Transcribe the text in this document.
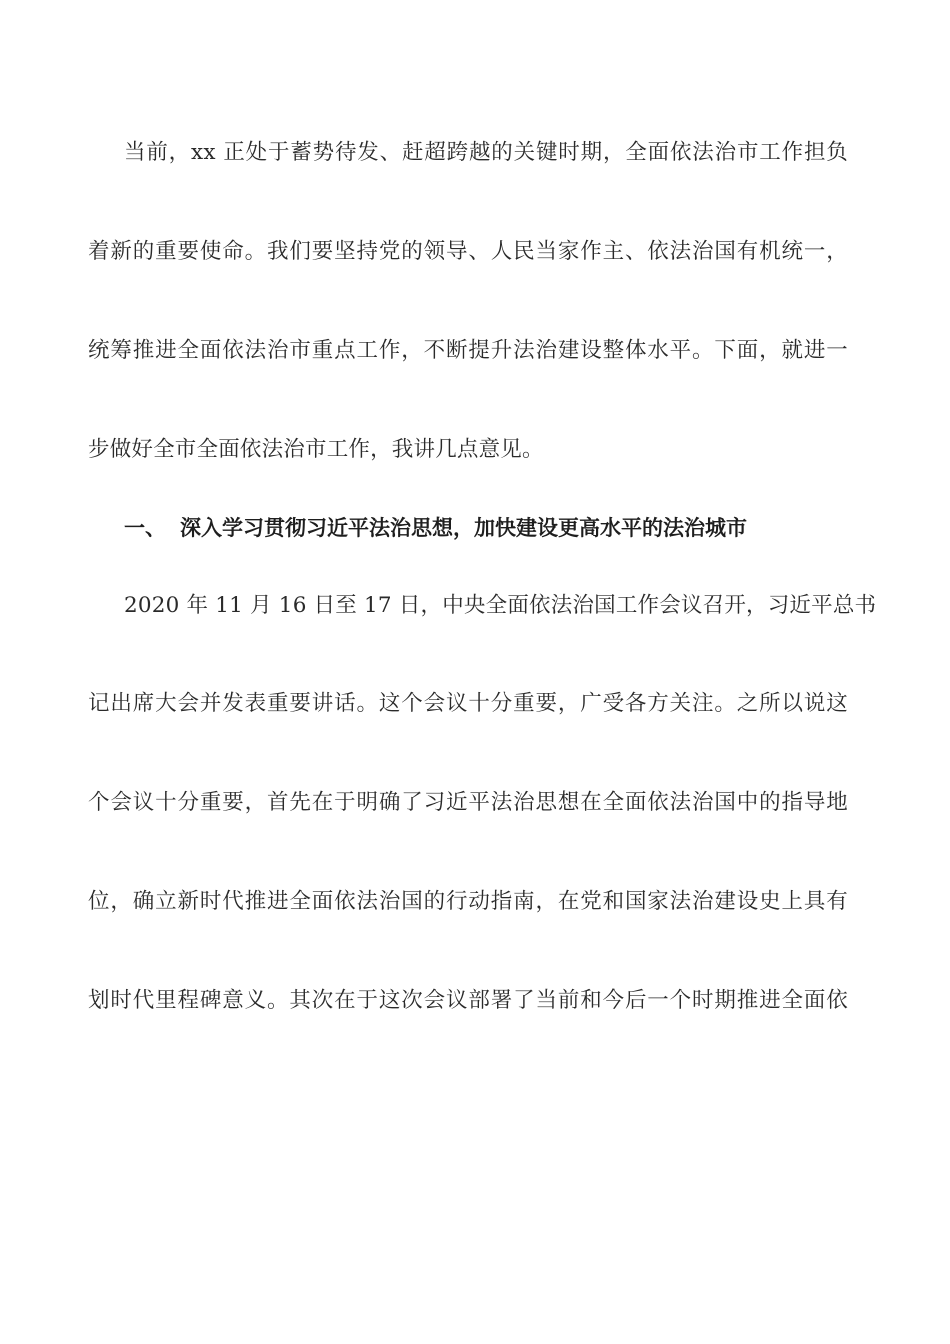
当前，xx 正处于蓄势待发、赶超跨越的关键时期，全面依法治市工作担负
着新的重要使命。我们要坚持党的领导、人民当家作主、依法治国有机统一，
统筹推进全面依法治市重点工作，不断提升法治建设整体水平。下面，就进一
步做好全市全面依法治市工作，我讲几点意见。
一、 深入学习贯彻习近平法治思想，加快建设更高水平的法治城市
2020 年 11 月 16 日至 17 日，中央全面依法治国工作会议召开，习近平总书
记出席大会并发表重要讲话。这个会议十分重要，广受各方关注。之所以说这
个会议十分重要，首先在于明确了习近平法治思想在全面依法治国中的指导地
位，确立新时代推进全面依法治国的行动指南，在党和国家法治建设史上具有
划时代里程碑意义。其次在于这次会议部署了当前和今后一个时期推进全面依
